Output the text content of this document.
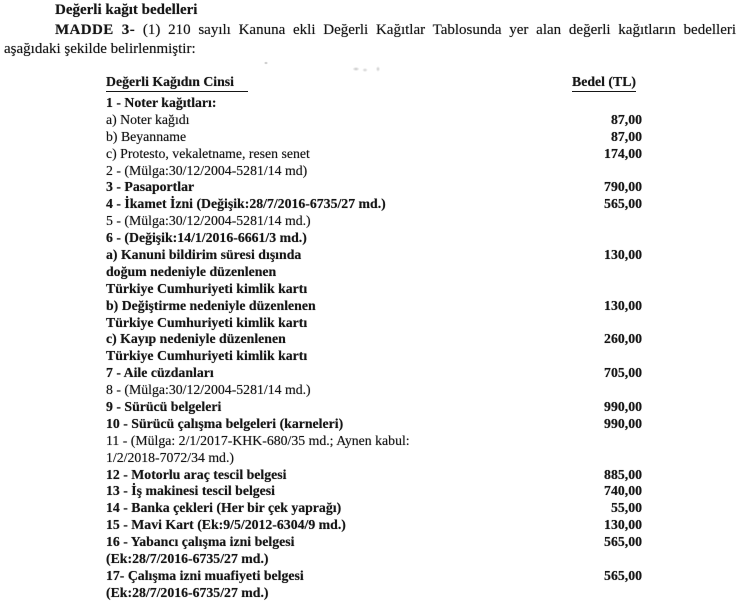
Değerli kağıt bedelleri
MADDE 3- (1) 210 sayılı Kanuna ekli Değerli Kağıtlar Tablosunda yer alan değerli kağıtların bedelleri
aşağıdaki şekilde belirlenmiştir:
Değerli Kağıdın Cinsi	Bedel (TL)
1 - Noter kağıtları:
a) Noter kağıdı	87,00
b) Beyanname	87,00
c) Protesto, vekaletname, resen senet	174,00
2 - (Mülga:30/12/2004-5281/14 md)
3 - Pasaportlar	790,00
4 - İkamet İzni (Değişik:28/7/2016-6735/27 md.)	565,00
5 - (Mülga:30/12/2004-5281/14 md.)
6 - (Değişik:14/1/2016-6661/3 md.)
a) Kanuni bildirim süresi dışında	130,00
doğum nedeniyle düzenlenen
Türkiye Cumhuriyeti kimlik kartı
b) Değiştirme nedeniyle düzenlenen	130,00
Türkiye Cumhuriyeti kimlik kartı
c) Kayıp nedeniyle düzenlenen	260,00
Türkiye Cumhuriyeti kimlik kartı
7 - Aile cüzdanları	705,00
8 - (Mülga:30/12/2004-5281/14 md.)
9 - Sürücü belgeleri	990,00
10 - Sürücü çalışma belgeleri (karneleri)	990,00
11 - (Mülga: 2/1/2017-KHK-680/35 md.; Aynen kabul:
1/2/2018-7072/34 md.)
12 - Motorlu araç tescil belgesi	885,00
13 - İş makinesi tescil belgesi	740,00
14 - Banka çekleri (Her bir çek yaprağı)	55,00
15 - Mavi Kart (Ek:9/5/2012-6304/9 md.)	130,00
16 - Yabancı çalışma izni belgesi	565,00
(Ek:28/7/2016-6735/27 md.)
17- Çalışma izni muafiyeti belgesi	565,00
(Ek:28/7/2016-6735/27 md.)
